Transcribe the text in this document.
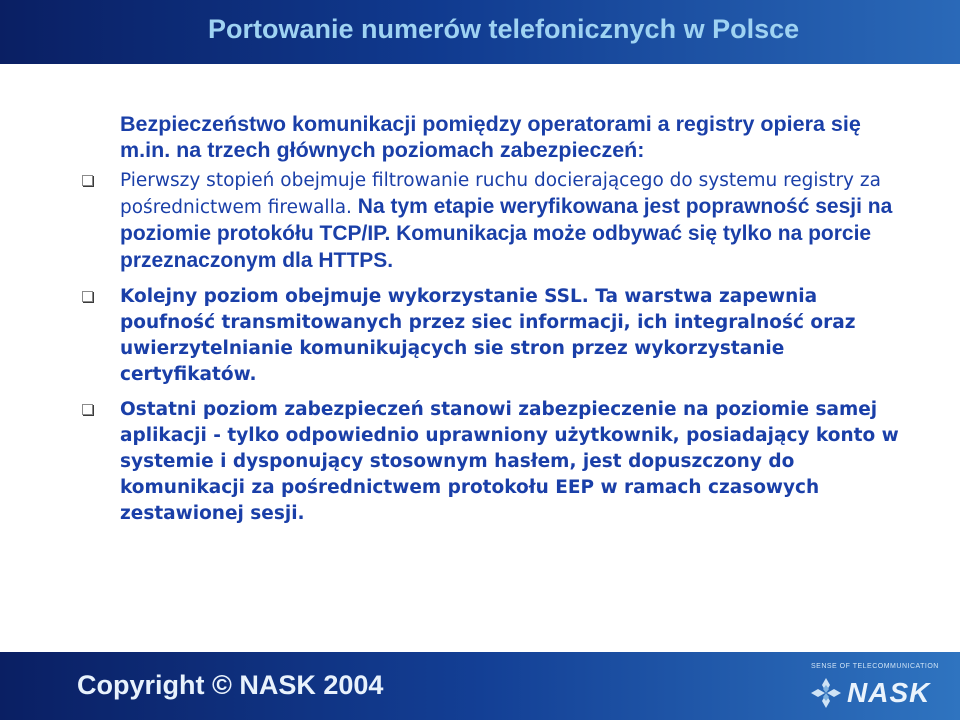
Portowanie numerów telefonicznych w Polsce

Bezpieczeństwo komunikacji pomiędzy operatorami a registry opiera się m.in. na trzech głównych poziomach zabezpieczeń:

Pierwszy stopień obejmuje filtrowanie ruchu docierającego do systemu registry za pośrednictwem firewalla. Na tym etapie weryfikowana jest poprawność sesji na poziomie protokółu TCP/IP. Komunikacja może odbywać się tylko na porcie przeznaczonym dla HTTPS.
Kolejny poziom obejmuje wykorzystanie SSL. Ta warstwa zapewnia poufność transmitowanych przez siec informacji, ich integralność oraz uwierzytelnianie komunikujących sie stron przez wykorzystanie certyfikatów.
Ostatni poziom zabezpieczeń stanowi zabezpieczenie na poziomie samej aplikacji - tylko odpowiednio uprawniony użytkownik, posiadający konto w systemie i dysponujący stosownym hasłem, jest dopuszczony do komunikacji za pośrednictwem protokołu EEP w ramach czasowych zestawionej sesji.
Copyright © NASK 2004
SENSE OF TELECOMMUNICATION
NASK
